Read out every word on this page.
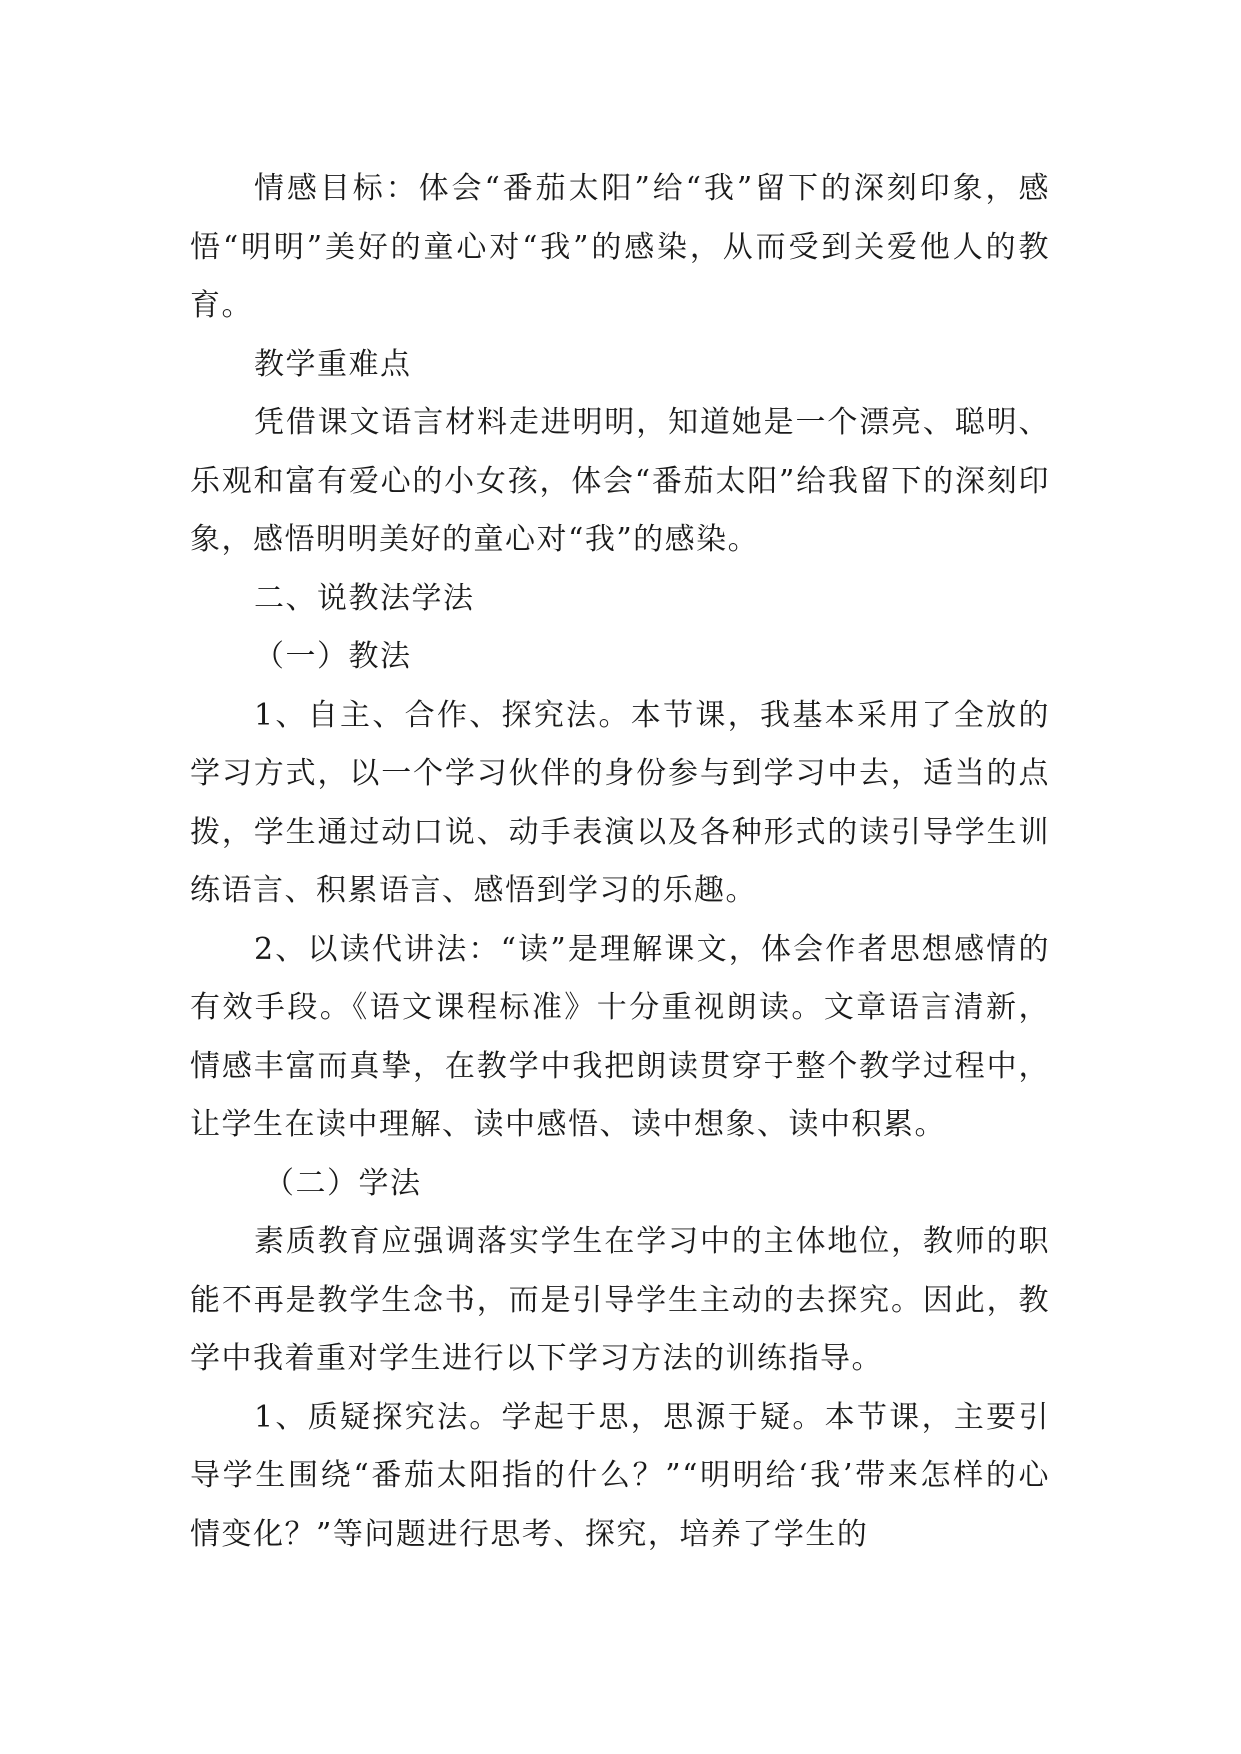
情感目标：体会“番茄太阳”给“我”留下的深刻印象，感悟“明明”美好的童心对“我”的感染，从而受到关爱他人的教育。

教学重难点

凭借课文语言材料走进明明，知道她是一个漂亮、聪明、乐观和富有爱心的小女孩，体会“番茄太阳”给我留下的深刻印象，感悟明明美好的童心对“我”的感染。

二、说教法学法

（一）教法

1、自主、合作、探究法。本节课，我基本采用了全放的学习方式，以一个学习伙伴的身份参与到学习中去，适当的点拨，学生通过动口说、动手表演以及各种形式的读引导学生训练语言、积累语言、感悟到学习的乐趣。

2、以读代讲法：“读”是理解课文，体会作者思想感情的有效手段。《语文课程标准》十分重视朗读。文章语言清新，情感丰富而真挚，在教学中我把朗读贯穿于整个教学过程中，让学生在读中理解、读中感悟、读中想象、读中积累。

（二）学法

素质教育应强调落实学生在学习中的主体地位，教师的职能不再是教学生念书，而是引导学生主动的去探究。因此，教学中我着重对学生进行以下学习方法的训练指导。

1、质疑探究法。学起于思，思源于疑。本节课，主要引导学生围绕“番茄太阳指的什么？”“明明给‘我’带来怎样的心情变化？”等问题进行思考、探究，培养了学生的
